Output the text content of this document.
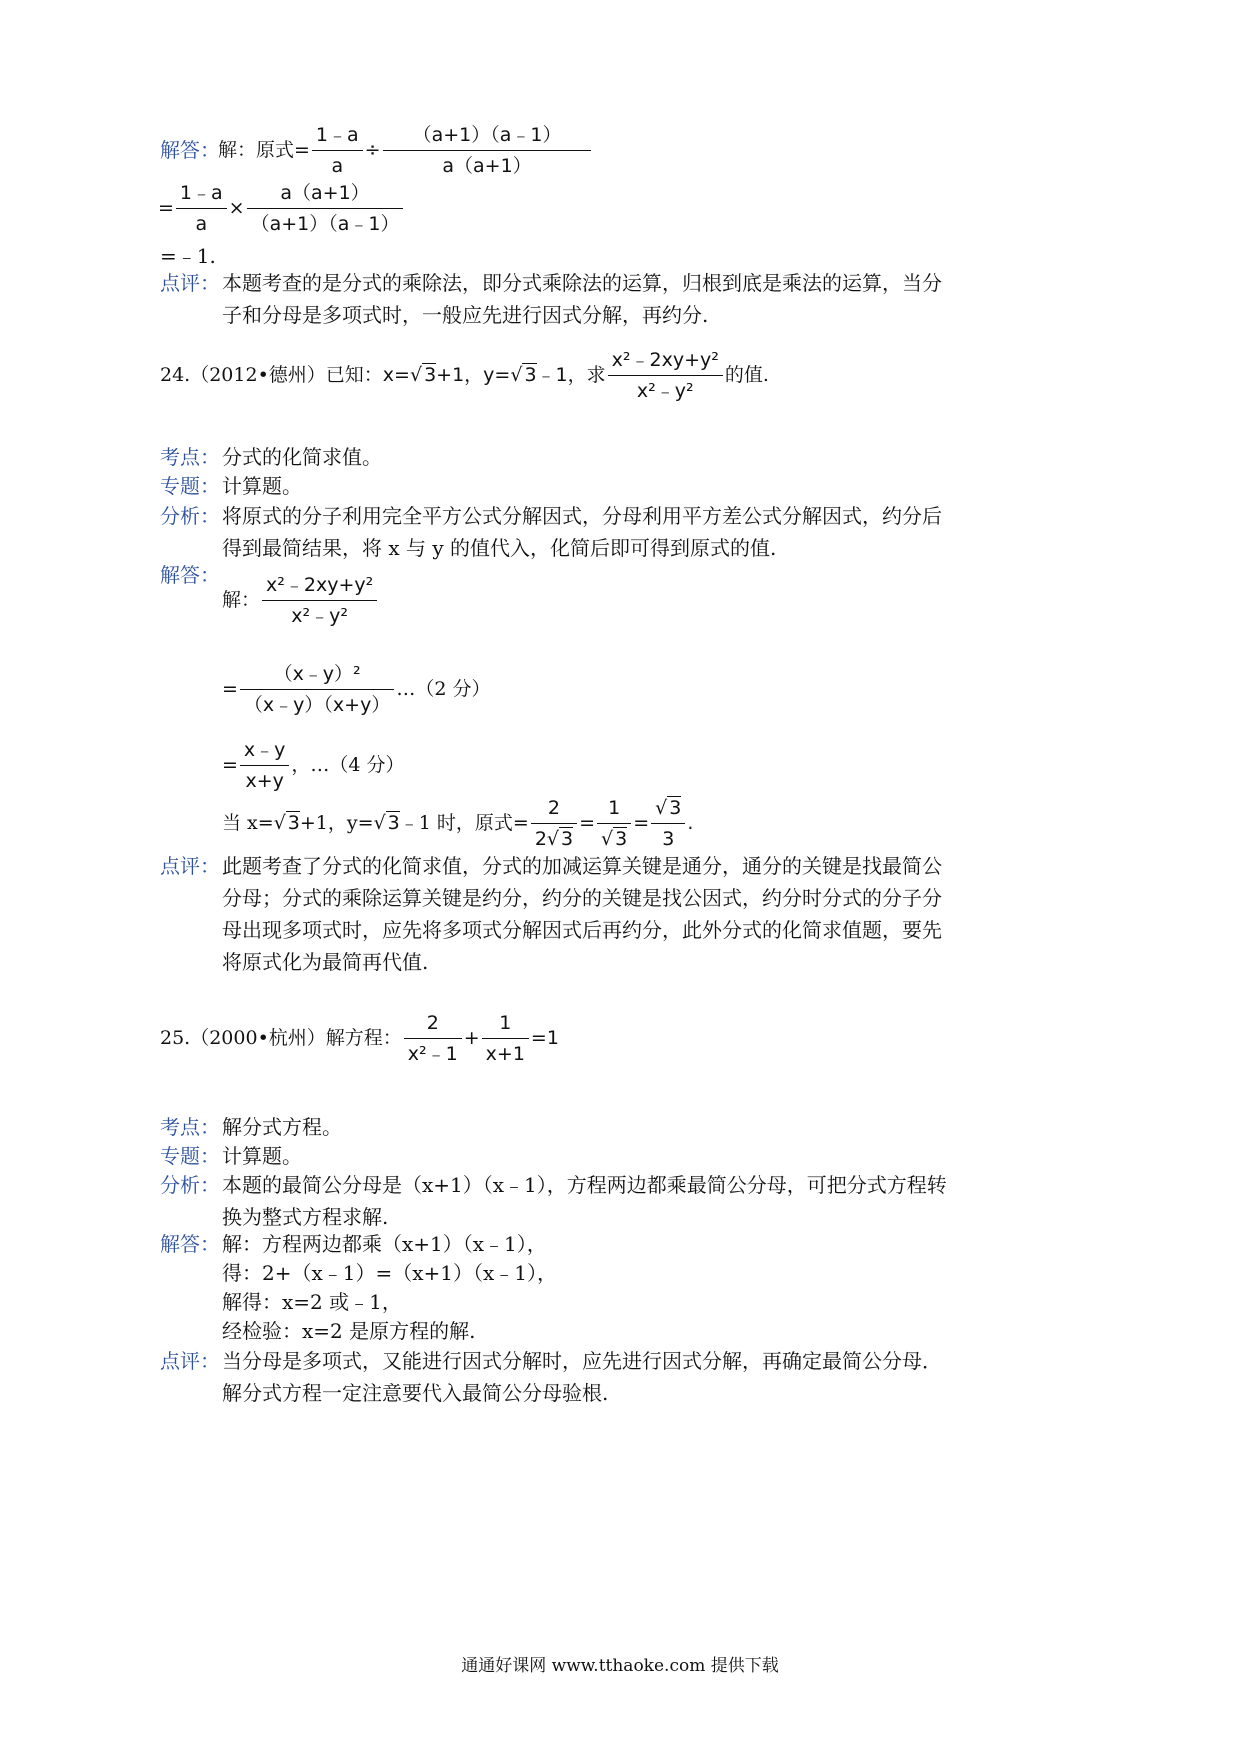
解答：
解：原式= $\frac{1﹣a}{a} \div \frac{(a+1)(a﹣1)}{a(a+1)}$
= $\frac{1﹣a}{a} \times \frac{a(a+1)}{(a+1)(a﹣1)}$
=﹣1.
点评： 本题考查的是分式的乘除法，即分式乘除法的运算，归根到底是乘法的运算，当分子和分母是多项式时，一般应先进行因式分解，再约分.
24.（2012•德州）已知：x=√ 3+1，y=√ 3﹣1，求 $\frac{\text{x²﹣2xy+y²}}{\text{x²﹣y²}}$ 的值.
考点： 分式的化简求值。
专题： 计算题。
分析： 将原式的分子利用完全平方公式分解因式，分母利用平方差公式分解因式，约分后得到最简结果，将 x 与 y 的值代入，化简后即可得到原式的值.
解答：
解： $\frac{\text{x²﹣2xy+y²}}{\text{x²﹣y²}}$
= $\frac{\text{（x﹣y）²}}{(x﹣y)(x+y)}$ …（2 分）
= $\frac{x﹣y}{x+y}$ ，…（4 分）
当 x=√ 3+1，y=√ 3﹣1 时，原式= $\frac{2}{2√ 3} = \frac{1}{√ 3} = \frac{√ 3}{3}$ .
点评： 此题考查了分式的化简求值，分式的加减运算关键是通分，通分的关键是找最简公分母；分式的乘除运算关键是约分，约分的关键是找公因式，约分时分式的分子分母出现多项式时，应先将多项式分解因式后再约分，此外分式的化简求值题，要先将原式化为最简再代值.
25.（2000•杭州）解方程： $\frac{2}{\text{x²﹣1}} + \frac{1}{x+1} =1$
考点： 解分式方程。
专题： 计算题。
分析： 本题的最简公分母是（x+1）（x﹣1），方程两边都乘最简公分母，可把分式方程转换为整式方程求解.
解答： 解：方程两边都乘（x+1）（x﹣1），
得：2+（x﹣1）=（x+1）（x﹣1），
解得：x=2 或﹣1，
经检验：x=2 是原方程的解.
点评： 当分母是多项式，又能进行因式分解时，应先进行因式分解，再确定最简公分母．解分式方程一定注意要代入最简公分母验根.
通通好课网 www.tthaoke.com 提供下载
